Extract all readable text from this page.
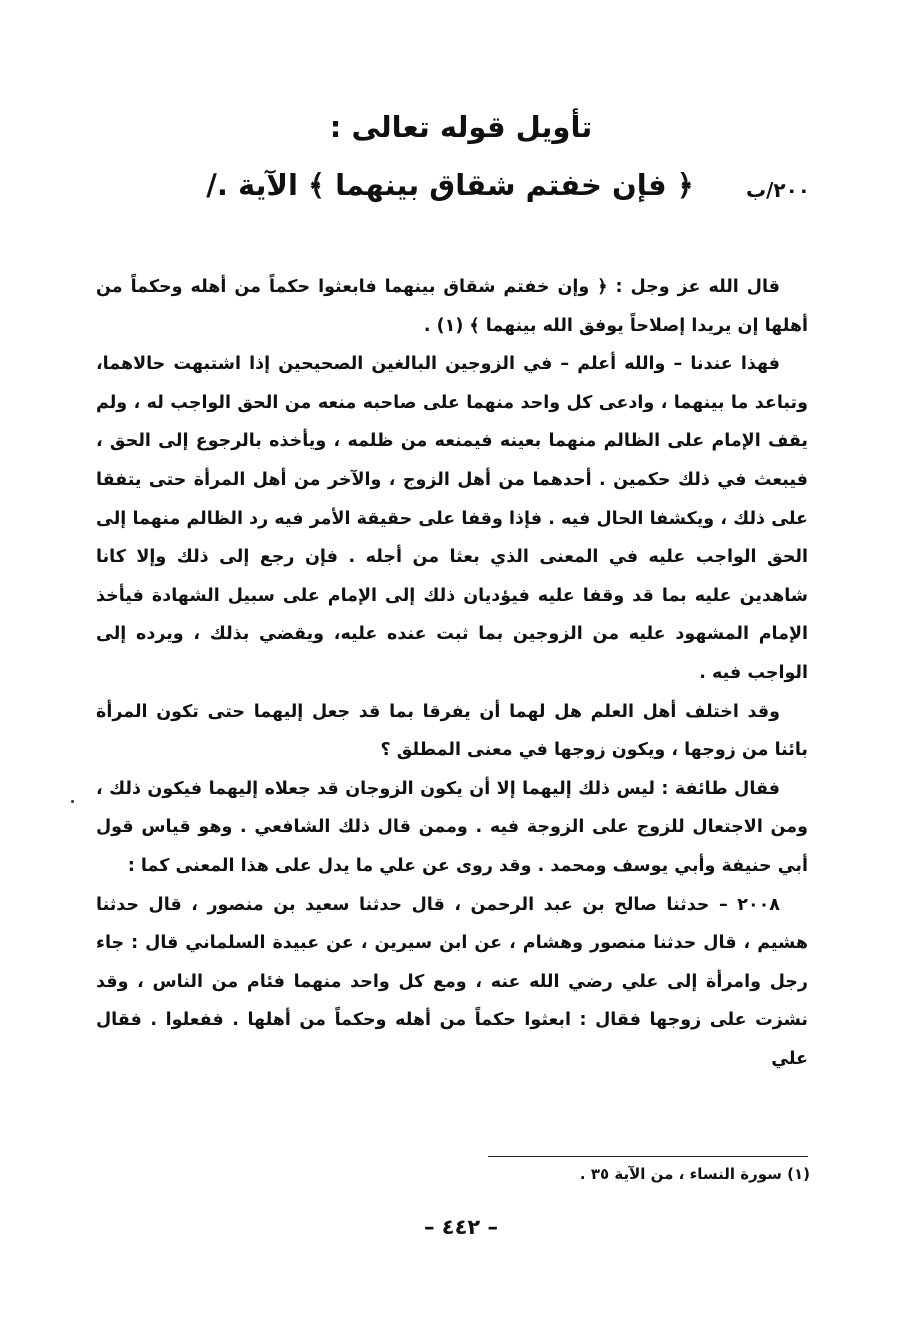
تأويل قوله تعالى :
﴿ فإن خفتم شقاق بينهما ﴾ الآية ./	٢٠٠/ب

قال الله عز وجل : ﴿ وإن خفتم شقاق بينهما فابعثوا حكماً من أهله وحكماً من أهلها إن يريدا إصلاحاً يوفق الله بينهما ﴾ (١) .

فهذا عندنا – والله أعلم – في الزوجين البالغين الصحيحين إذا اشتبهت حالاهما، وتباعد ما بينهما ، وادعى كل واحد منهما على صاحبه منعه من الحق الواجب له ، ولم يقف الإمام على الظالم منهما بعينه فيمنعه من ظلمه ، ويأخذه بالرجوع إلى الحق ، فيبعث في ذلك حكمين . أحدهما من أهل الزوج ، والآخر من أهل المرأة حتى يتفقا على ذلك ، ويكشفا الحال فيه . فإذا وقفا على حقيقة الأمر فيه رد الظالم منهما إلى الحق الواجب عليه في المعنى الذي بعثا من أجله . فإن رجع إلى ذلك وإلا كانا شاهدين عليه بما قد وقفا عليه فيؤديان ذلك إلى الإمام على سبيل الشهادة فيأخذ الإمام المشهود عليه من الزوجين بما ثبت عنده عليه، ويقضي بذلك ، ويرده إلى الواجب فيه .

وقد اختلف أهل العلم هل لهما أن يفرقا بما قد جعل إليهما حتى تكون المرأة بائنا من زوجها ، ويكون زوجها في معنى المطلق ؟

فقال طائفة : ليس ذلك إليهما إلا أن يكون الزوجان قد جعلاه إليهما فيكون ذلك ، ومن الاجتعال للزوج على الزوجة فيه . وممن قال ذلك الشافعي . وهو قياس قول أبي حنيفة وأبي يوسف ومحمد . وقد روى عن علي ما يدل على هذا المعنى كما :

٢٠٠٨ – حدثنا صالح بن عبد الرحمن ، قال حدثنا سعيد بن منصور ، قال حدثنا هشيم ، قال حدثنا منصور وهشام ، عن ابن سيرين ، عن عبيدة السلماني قال : جاء رجل وامرأة إلى علي رضي الله عنه ، ومع كل واحد منهما فئام من الناس ، وقد نشزت على زوجها فقال : ابعثوا حكماً من أهله وحكماً من أهلها . ففعلوا . فقال علي

(١) سورة النساء ، من الآية ٣٥ .
– ٤٤٢ –
